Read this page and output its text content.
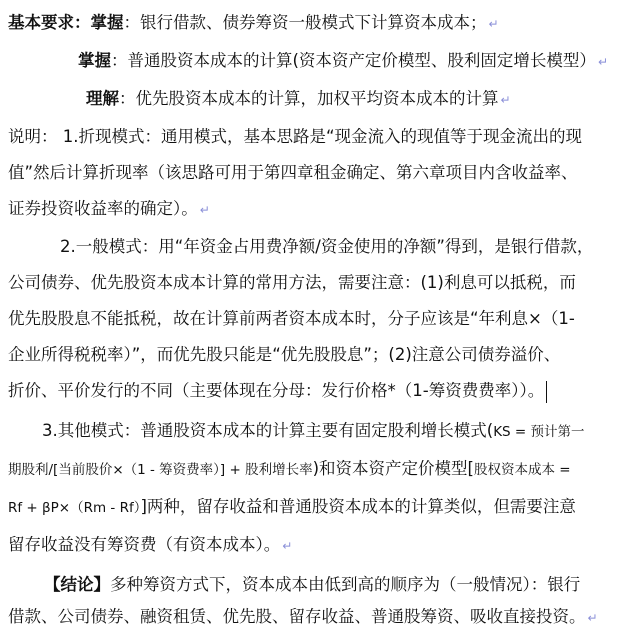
基本要求：掌握：银行借款、债券筹资一般模式下计算资本成本； ↵
掌握：普通股资本成本的计算(资本资产定价模型、股利固定增长模型） ↵
理解：优先股资本成本的计算，加权平均资本成本的计算 ↵
说明： 1.折现模式：通用模式，基本思路是“现金流入的现值等于现金流出的现
值”然后计算折现率（该思路可用于第四章租金确定、第六章项目内含收益率、
证券投资收益率的确定）。 ↵
2.一般模式：用“年资金占用费净额/资金使用的净额”得到，是银行借款，
公司债券、优先股资本成本计算的常用方法，需要注意：(1)利息可以抵税，而
优先股股息不能抵税，故在计算前两者资本成本时，分子应该是“年利息×（1-
企业所得税税率）”，而优先股只能是“优先股股息”；(2)注意公司债券溢价、
折价、平价发行的不同（主要体现在分母：发行价格*（1-筹资费费率））。
3.其他模式：普通股资本成本的计算主要有固定股利增长模式(KS = 预计第一
期股利/[当前股价×（1 - 筹资费率）] + 股利增长率)和资本资产定价模型[股权资本成本 =
Rf + βP×（Rm - Rf）]两种，留存收益和普通股资本成本的计算类似，但需要注意
留存收益没有筹资费（有资本成本）。 ↵
【结论】多种筹资方式下，资本成本由低到高的顺序为（一般情况）：银行
借款、公司债券、融资租赁、优先股、留存收益、普通股筹资、吸收直接投资。 ↵
